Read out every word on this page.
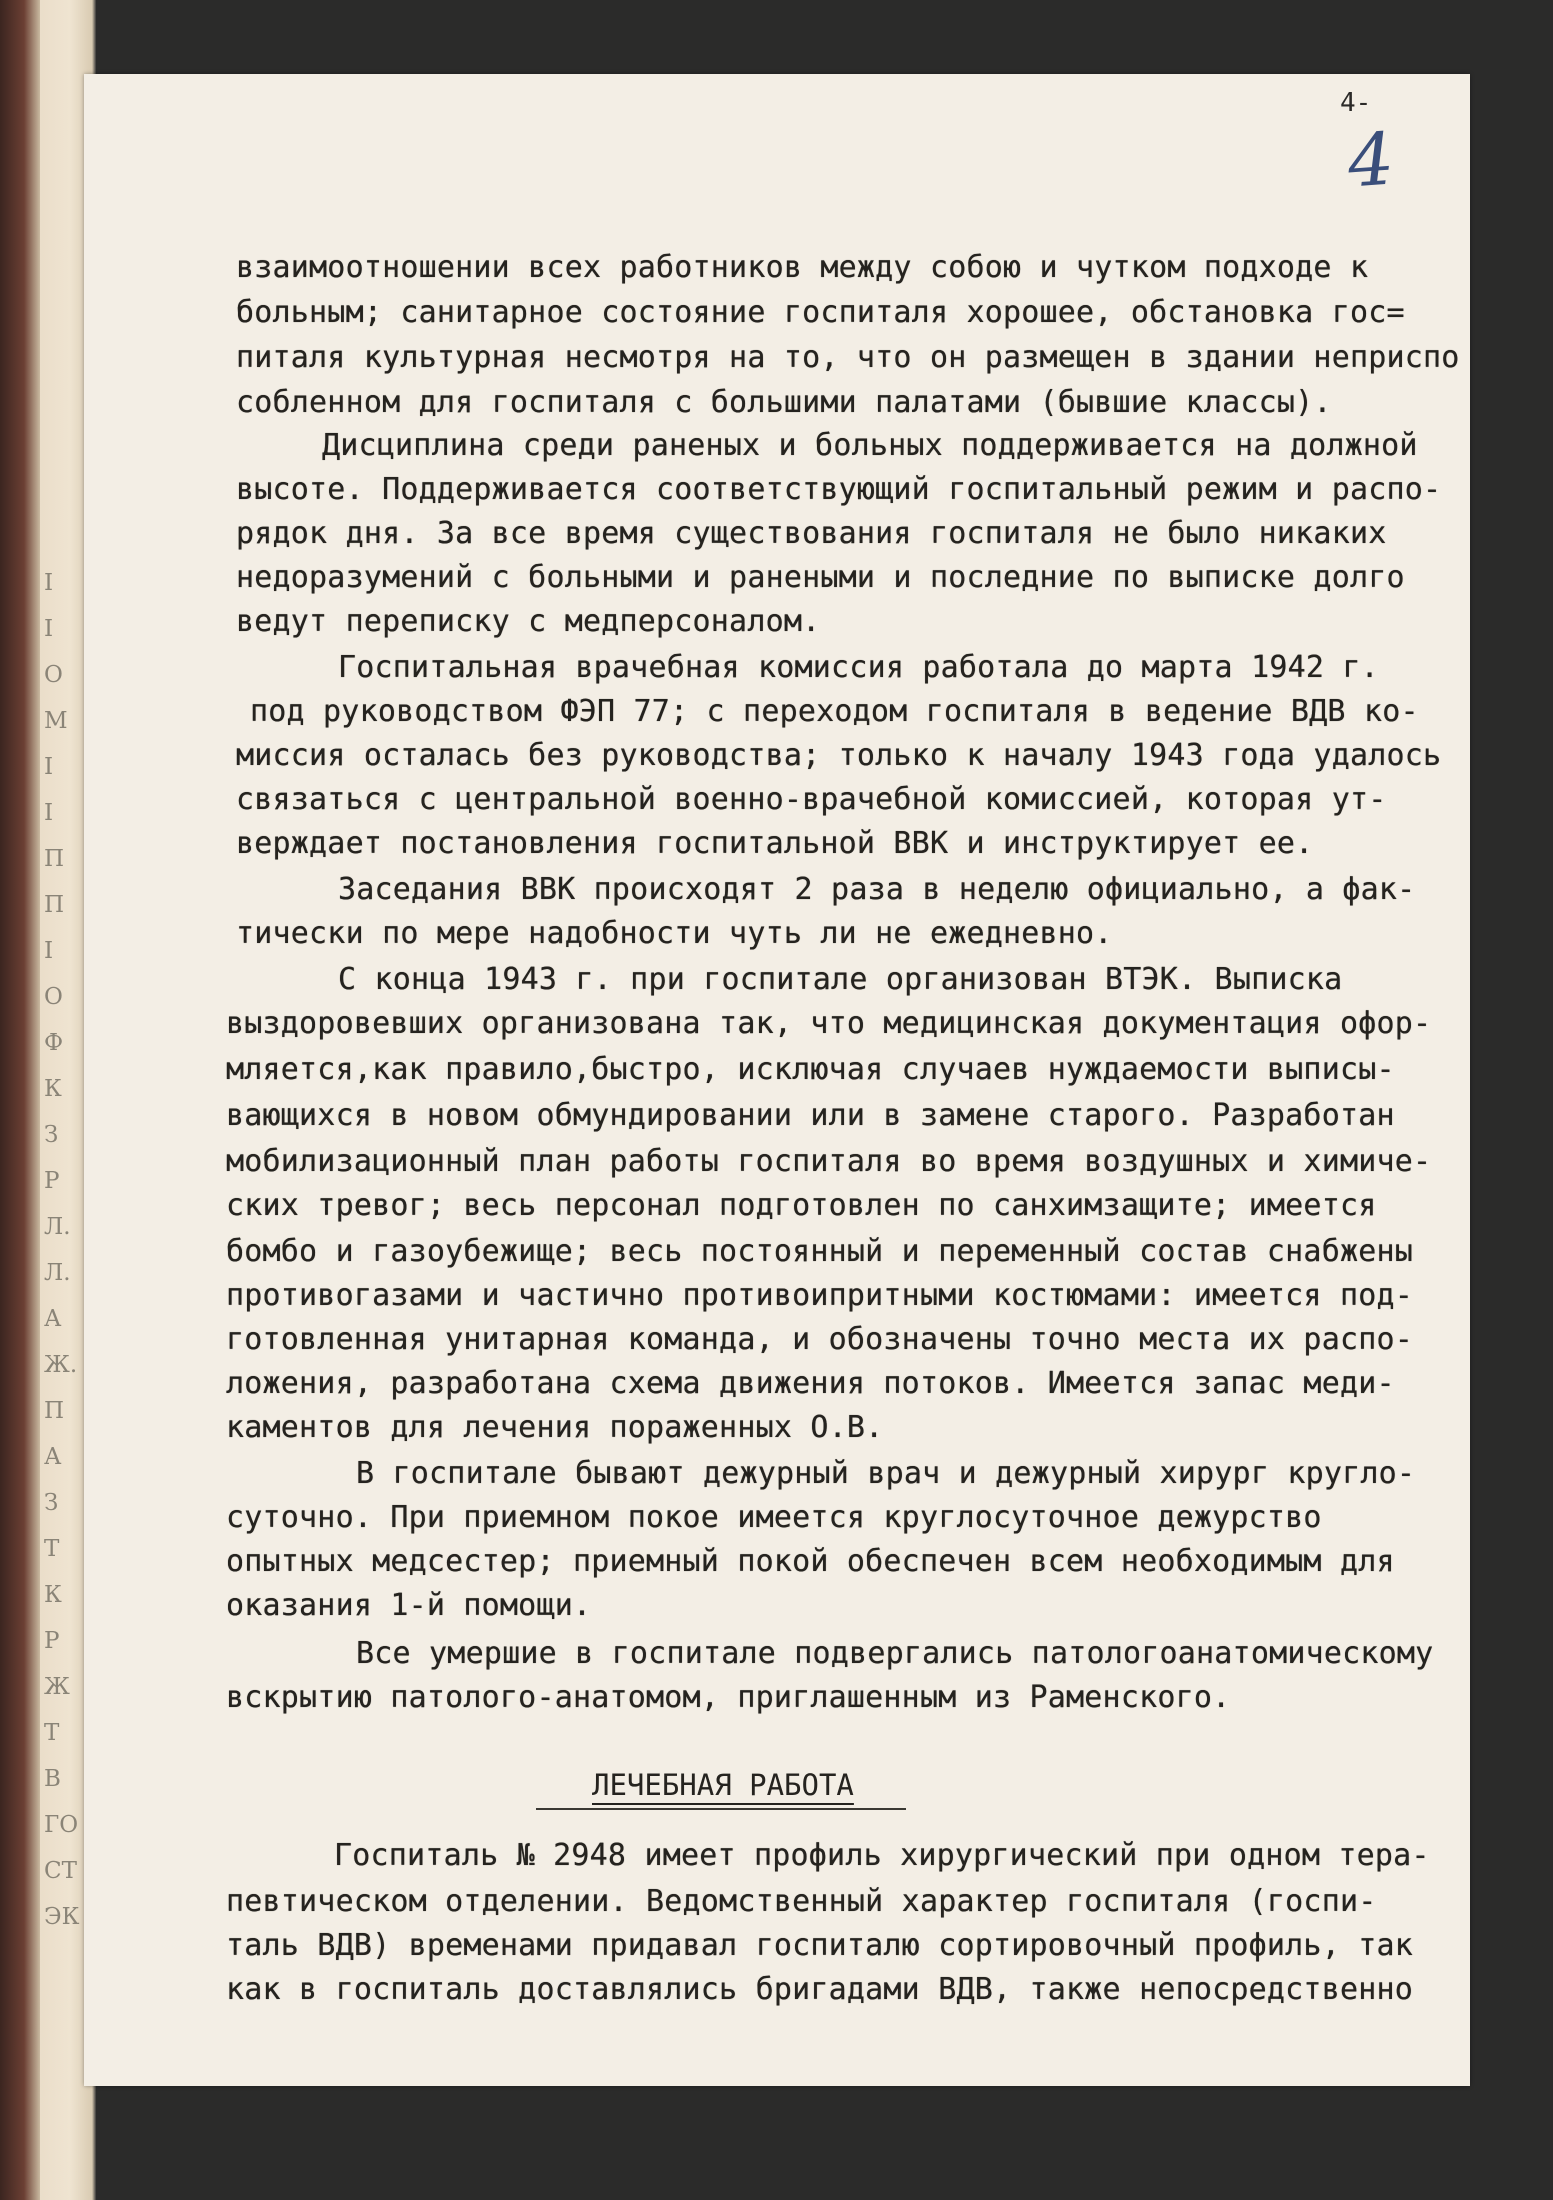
I
I
О
М
І
I
П
П
І
О
Ф
К
З
Р
Л.
Л.
А
Ж.
П
А
З
Т
К
Р
Ж
Т
В
ГО
СТ
ЭК
4-
4
взаимоотношении всех работников между собою и чутком подходе к
больным; санитарное состояние госпиталя хорошее, обстановка гос=
питаля культурная несмотря на то, что он размещен в здании неприспо
собленном для госпиталя с большими палатами (бывшие классы).
Дисциплина среди раненых и больных поддерживается на должной
высоте. Поддерживается соответствующий госпитальный режим и распо-
рядок дня. За все время существования госпиталя не было никаких
недоразумений с больными и ранеными и последние по выписке долго
ведут переписку с медперсоналом.
Госпитальная врачебная комиссия работала до марта 1942 г.
под руководством ФЭП 77; с переходом госпиталя в ведение ВДВ ко-
миссия осталась без руководства; только к началу 1943 года удалось
связаться с центральной военно-врачебной комиссией, которая ут-
верждает постановления госпитальной ВВК и инструктирует ее.
Заседания ВВК происходят 2 раза в неделю официально, а фак-
тически по мере надобности чуть ли не ежедневно.
С конца 1943 г. при госпитале организован ВТЭК. Выписка
выздоровевших организована так, что медицинская документация офор-
мляется,как правило,быстро, исключая случаев нуждаемости выписы-
вающихся в новом обмундировании или в замене старого. Разработан
мобилизационный план работы госпиталя во время воздушных и химиче-
ских тревог; весь персонал подготовлен по санхимзащите; имеется
бомбо и газоубежище; весь постоянный и переменный состав снабжены
противогазами и частично противоипритными костюмами: имеется под-
готовленная унитарная команда, и обозначены точно места их распо-
ложения, разработана схема движения потоков. Имеется запас меди-
каментов для лечения пораженных О.В.
В госпитале бывают дежурный врач и дежурный хирург кругло-
суточно. При приемном покое имеется круглосуточное дежурство
опытных медсестер; приемный покой обеспечен всем необходимым для
оказания 1-й помощи.
Все умершие в госпитале подвергались патологоанатомическому
вскрытию патолого-анатомом, приглашенным из Раменского.
ЛЕЧЕБНАЯ РАБОТА
Госпиталь № 2948 имеет профиль хирургический при одном тера-
певтическом отделении. Ведомственный характер госпиталя (госпи-
таль ВДВ) временами придавал госпиталю сортировочный профиль, так
как в госпиталь доставлялись бригадами ВДВ, также непосредственно
